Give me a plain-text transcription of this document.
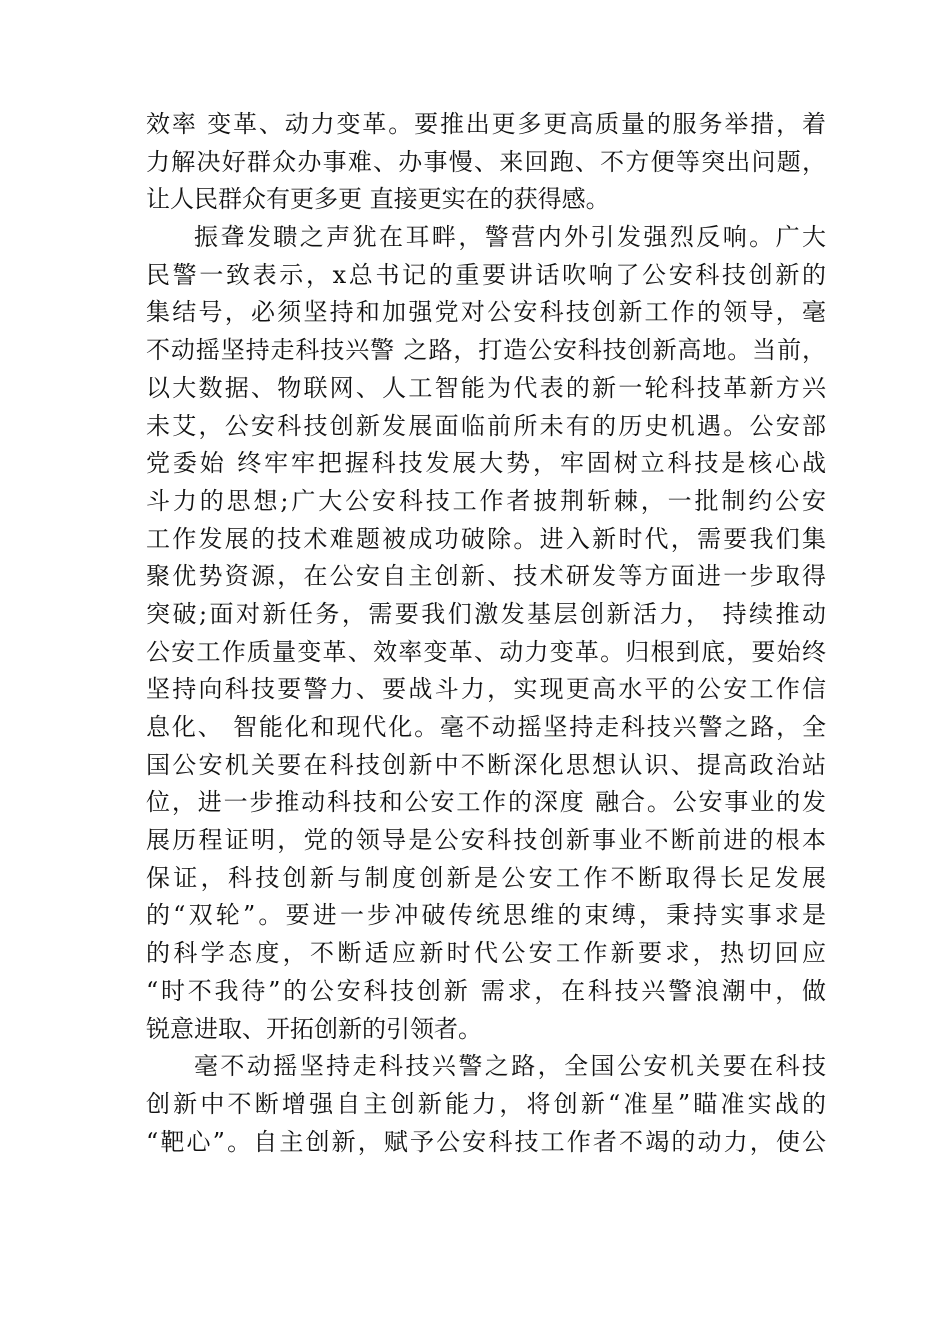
效率 变革、动力变革。要推出更多更高质量的服务举措，着
力解决好群众办事难、办事慢、来回跑、不方便等突出问题，
让人民群众有更多更 直接更实在的获得感。
振聋发聩之声犹在耳畔，警营内外引发强烈反响。广大
民警一致表示，x总书记的重要讲话吹响了公安科技创新的
集结号，必须坚持和加强党对公安科技创新工作的领导，毫
不动摇坚持走科技兴警 之路，打造公安科技创新高地。当前，
以大数据、物联网、人工智能为代表的新一轮科技革新方兴
未艾，公安科技创新发展面临前所未有的历史机遇。公安部
党委始 终牢牢把握科技发展大势，牢固树立科技是核心战
斗力的思想;广大公安科技工作者披荆斩棘，一批制约公安
工作发展的技术难题被成功破除。进入新时代，需要我们集
聚优势资源，在公安自主创新、技术研发等方面进一步取得
突破;面对新任务，需要我们激发基层创新活力， 持续推动
公安工作质量变革、效率变革、动力变革。归根到底，要始终
坚持向科技要警力、要战斗力，实现更高水平的公安工作信
息化、 智能化和现代化。毫不动摇坚持走科技兴警之路，全
国公安机关要在科技创新中不断深化思想认识、提高政治站
位，进一步推动科技和公安工作的深度 融合。公安事业的发
展历程证明，党的领导是公安科技创新事业不断前进的根本
保证，科技创新与制度创新是公安工作不断取得长足发展
的“双轮”。要进一步冲破传统思维的束缚，秉持实事求是
的科学态度，不断适应新时代公安工作新要求，热切回应
“时不我待”的公安科技创新 需求，在科技兴警浪潮中，做
锐意进取、开拓创新的引领者。
毫不动摇坚持走科技兴警之路，全国公安机关要在科技
创新中不断增强自主创新能力，将创新“准星”瞄准实战的
“靶心”。自主创新，赋予公安科技工作者不竭的动力，使公
